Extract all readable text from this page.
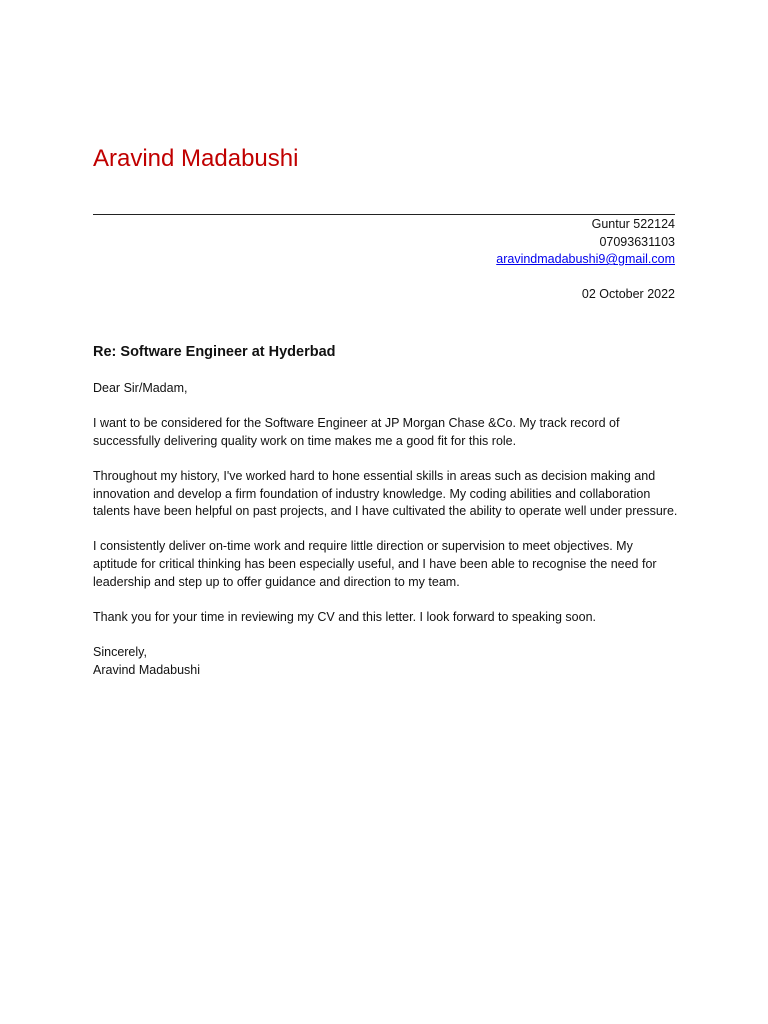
Aravind Madabushi
Guntur 522124
07093631103
aravindmadabushi9@gmail.com
02 October 2022
Re: Software Engineer at Hyderbad

Dear Sir/Madam,

I want to be considered for the Software Engineer at JP Morgan Chase &Co. My track record of successfully delivering quality work on time makes me a good fit for this role.

Throughout my history, I've worked hard to hone essential skills in areas such as decision making and innovation and develop a firm foundation of industry knowledge. My coding abilities and collaboration talents have been helpful on past projects, and I have cultivated the ability to operate well under pressure.

I consistently deliver on-time work and require little direction or supervision to meet objectives. My aptitude for critical thinking has been especially useful, and I have been able to recognise the need for leadership and step up to offer guidance and direction to my team.

Thank you for your time in reviewing my CV and this letter. I look forward to speaking soon.

Sincerely,

Aravind Madabushi
